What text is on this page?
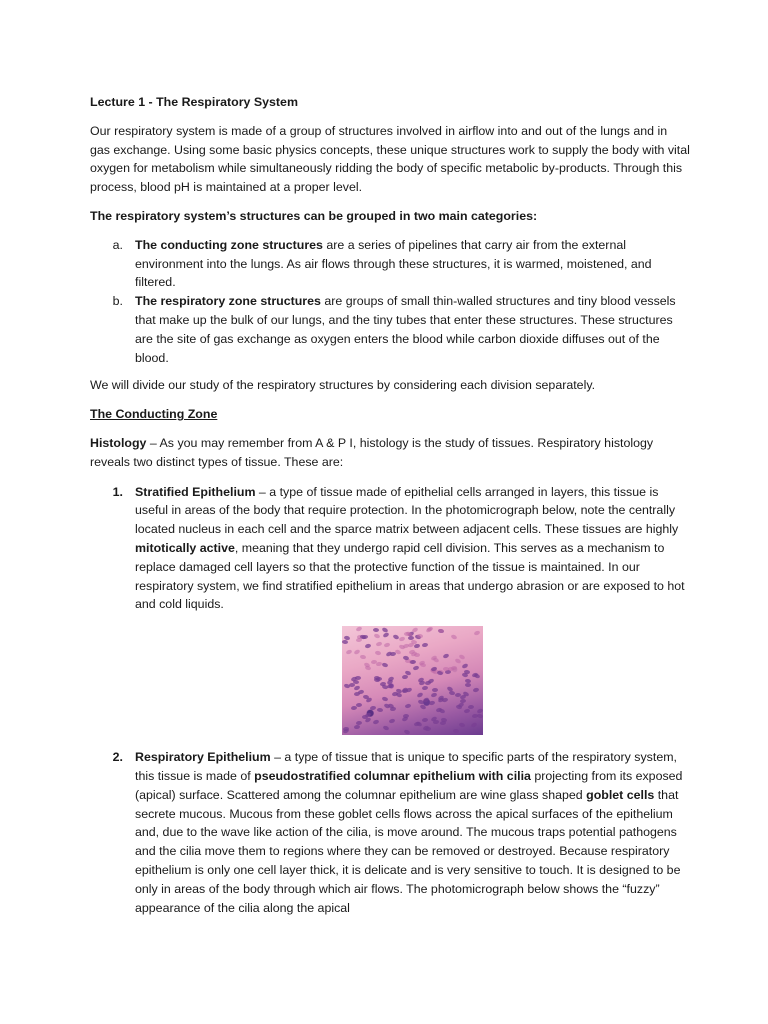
Lecture 1 - The Respiratory System

Our respiratory system is made of a group of structures involved in airflow into and out of the lungs and in gas exchange. Using some basic physics concepts, these unique structures work to supply the body with vital oxygen for metabolism while simultaneously ridding the body of specific metabolic by-products. Through this process, blood pH is maintained at a proper level.

The respiratory system’s structures can be grouped in two main categories:

a. The conducting zone structures are a series of pipelines that carry air from the external environment into the lungs. As air flows through these structures, it is warmed, moistened, and filtered.
b. The respiratory zone structures are groups of small thin-walled structures and tiny blood vessels that make up the bulk of our lungs, and the tiny tubes that enter these structures. These structures are the site of gas exchange as oxygen enters the blood while carbon dioxide diffuses out of the blood.

We will divide our study of the respiratory structures by considering each division separately.

The Conducting Zone

Histology – As you may remember from A & P I, histology is the study of tissues. Respiratory histology reveals two distinct types of tissue. These are:

1. Stratified Epithelium – a type of tissue made of epithelial cells arranged in layers, this tissue is useful in areas of the body that require protection. In the photomicrograph below, note the centrally located nucleus in each cell and the sparce matrix between adjacent cells. These tissues are highly mitotically active, meaning that they undergo rapid cell division. This serves as a mechanism to replace damaged cell layers so that the protective function of the tissue is maintained. In our respiratory system, we find stratified epithelium in areas that undergo abrasion or are exposed to hot and cold liquids.
2. Respiratory Epithelium – a type of tissue that is unique to specific parts of the respiratory system, this tissue is made of pseudostratified columnar epithelium with cilia projecting from its exposed (apical) surface. Scattered among the columnar epithelium are wine glass shaped goblet cells that secrete mucous. Mucous from these goblet cells flows across the apical surfaces of the epithelium and, due to the wave like action of the cilia, is move around. The mucous traps potential pathogens and the cilia move them to regions where they can be removed or destroyed. Because respiratory epithelium is only one cell layer thick, it is delicate and is very sensitive to touch. It is designed to be only in areas of the body through which air flows. The photomicrograph below shows the “fuzzy” appearance of the cilia along the apical
